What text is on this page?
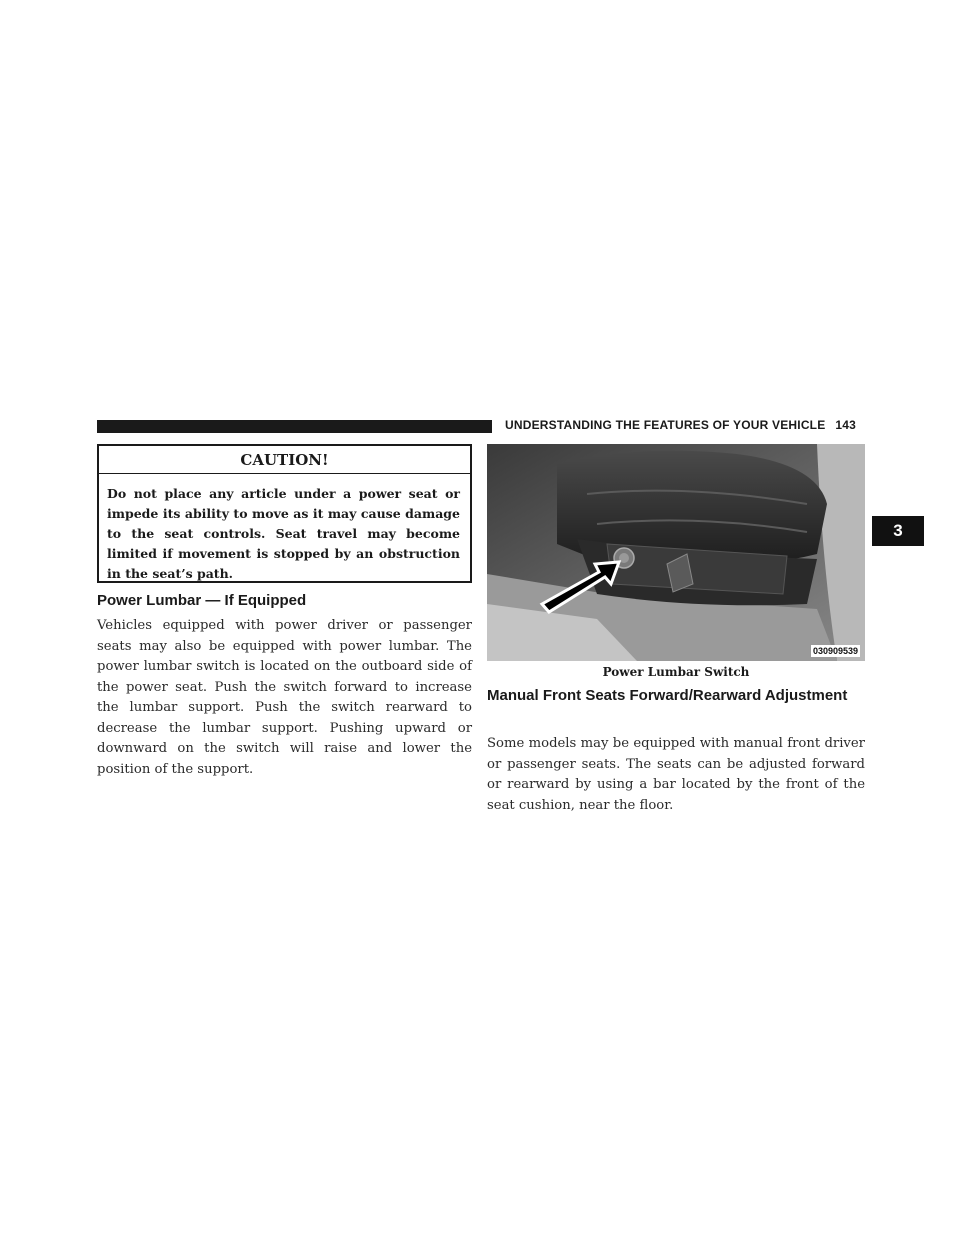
UNDERSTANDING THE FEATURES OF YOUR VEHICLE 143
3
CAUTION!
Do not place any article under a power seat or impede its ability to move as it may cause damage to the seat controls. Seat travel may become limited if movement is stopped by an obstruction in the seat’s path.
Power Lumbar — If Equipped
Vehicles equipped with power driver or passenger seats may also be equipped with power lumbar. The power lumbar switch is located on the outboard side of the power seat. Push the switch forward to increase the lumbar support. Push the switch rearward to decrease the lumbar support. Pushing upward or downward on the switch will raise and lower the position of the support.
030909539
Power Lumbar Switch
Manual Front Seats Forward/Rearward Adjustment
Some models may be equipped with manual front driver or passenger seats. The seats can be adjusted forward or rearward by using a bar located by the front of the seat cushion, near the floor.
